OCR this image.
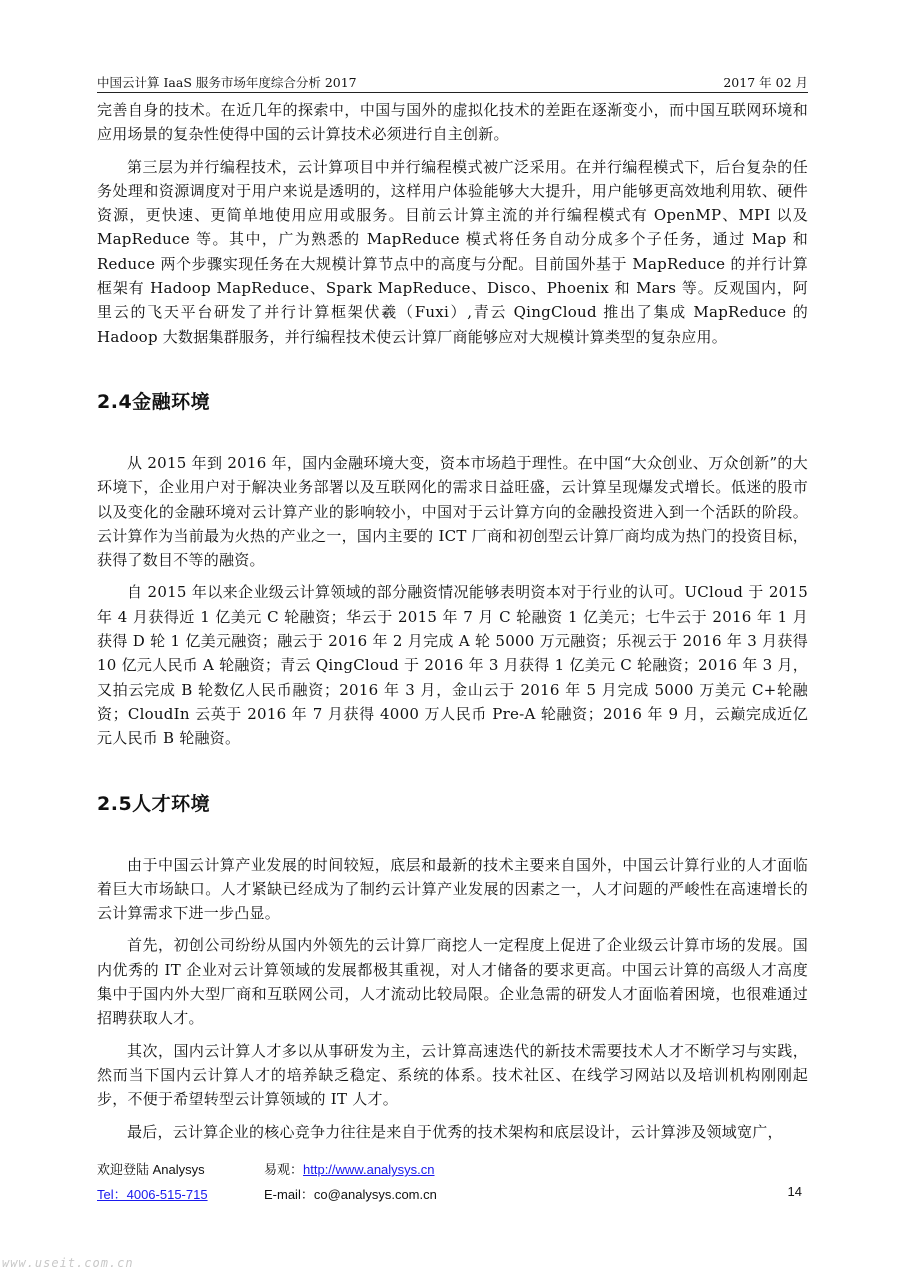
中国云计算 IaaS 服务市场年度综合分析 2017	2017 年 02 月

完善自身的技术。在近几年的探索中，中国与国外的虚拟化技术的差距在逐渐变小，而中国互联网环境和应用场景的复杂性使得中国的云计算技术必须进行自主创新。

第三层为并行编程技术，云计算项目中并行编程模式被广泛采用。在并行编程模式下，后台复杂的任务处理和资源调度对于用户来说是透明的，这样用户体验能够大大提升，用户能够更高效地利用软、硬件资源，更快速、更简单地使用应用或服务。目前云计算主流的并行编程模式有 OpenMP、MPI 以及 MapReduce 等。其中，广为熟悉的 MapReduce 模式将任务自动分成多个子任务，通过 Map 和 Reduce 两个步骤实现任务在大规模计算节点中的高度与分配。目前国外基于 MapReduce 的并行计算框架有 Hadoop MapReduce、Spark MapReduce、Disco、Phoenix 和 Mars 等。反观国内，阿里云的飞天平台研发了并行计算框架伏羲（Fuxi）,青云 QingCloud 推出了集成 MapReduce 的 Hadoop 大数据集群服务，并行编程技术使云计算厂商能够应对大规模计算类型的复杂应用。

2.4金融环境

从 2015 年到 2016 年，国内金融环境大变，资本市场趋于理性。在中国“大众创业、万众创新”的大环境下，企业用户对于解决业务部署以及互联网化的需求日益旺盛，云计算呈现爆发式增长。低迷的股市以及变化的金融环境对云计算产业的影响较小，中国对于云计算方向的金融投资进入到一个活跃的阶段。云计算作为当前最为火热的产业之一，国内主要的 ICT 厂商和初创型云计算厂商均成为热门的投资目标，获得了数目不等的融资。

自 2015 年以来企业级云计算领域的部分融资情况能够表明资本对于行业的认可。UCloud 于 2015 年 4 月获得近 1 亿美元 C 轮融资；华云于 2015 年 7 月 C 轮融资 1 亿美元；七牛云于 2016 年 1 月获得 D 轮 1 亿美元融资；融云于 2016 年 2 月完成 A 轮 5000 万元融资；乐视云于 2016 年 3 月获得 10 亿元人民币 A 轮融资；青云 QingCloud 于 2016 年 3 月获得 1 亿美元 C 轮融资；2016 年 3 月，又拍云完成 B 轮数亿人民币融资；2016 年 3 月，金山云于 2016 年 5 月完成 5000 万美元 C+轮融资；CloudIn 云英于 2016 年 7 月获得 4000 万人民币 Pre-A 轮融资；2016 年 9 月，云巅完成近亿元人民币 B 轮融资。

2.5人才环境

由于中国云计算产业发展的时间较短，底层和最新的技术主要来自国外，中国云计算行业的人才面临着巨大市场缺口。人才紧缺已经成为了制约云计算产业发展的因素之一，人才问题的严峻性在高速增长的云计算需求下进一步凸显。

首先，初创公司纷纷从国内外领先的云计算厂商挖人一定程度上促进了企业级云计算市场的发展。国内优秀的 IT 企业对云计算领域的发展都极其重视，对人才储备的要求更高。中国云计算的高级人才高度集中于国内外大型厂商和互联网公司，人才流动比较局限。企业急需的研发人才面临着困境，也很难通过招聘获取人才。

其次，国内云计算人才多以从事研发为主，云计算高速迭代的新技术需要技术人才不断学习与实践，然而当下国内云计算人才的培养缺乏稳定、系统的体系。技术社区、在线学习网站以及培训机构刚刚起步，不便于希望转型云计算领域的 IT 人才。

最后，云计算企业的核心竞争力往往是来自于优秀的技术架构和底层设计，云计算涉及领域宽广，

欢迎登陆 Analysys	易观：http://www.analysys.cn
Tel：4006-515-715	E-mail：co@analysys.com.cn	14
www.useit.com.cn
